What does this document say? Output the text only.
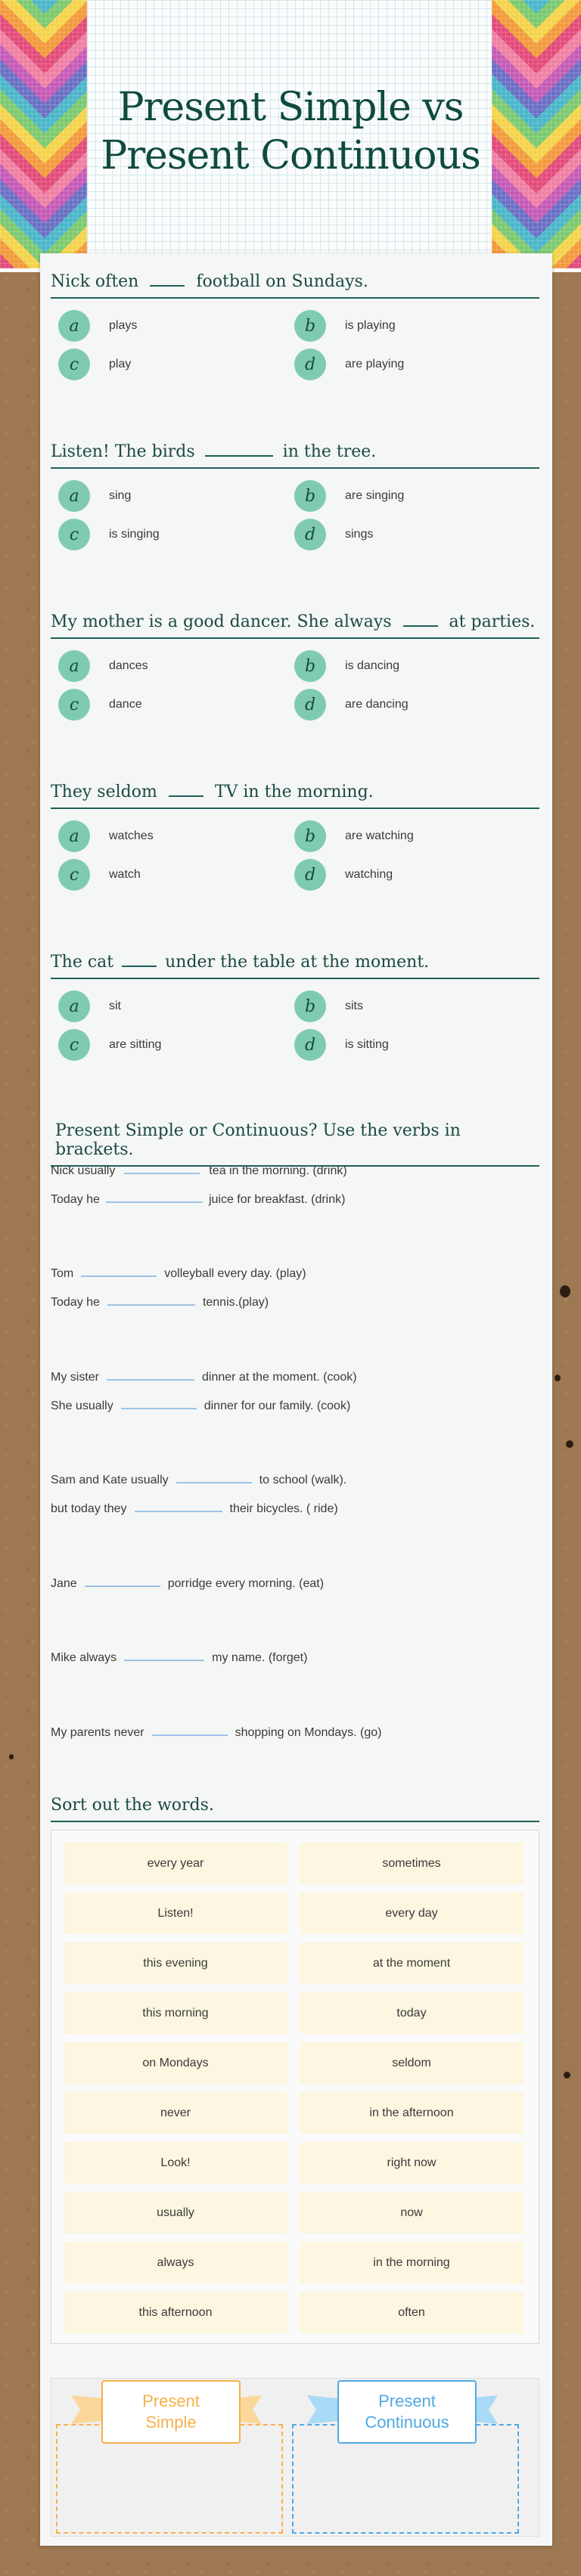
Present Simple vs Present Continuous
Nick often	football on Sundays.
a	plays	b	is playing
c	play	d	are playing
Listen! The birds	in the tree.
a	sing	b	are singing
c	is singing	d	sings
My mother is a good dancer. She always	at parties.
a	dances	b	is dancing
c	dance	d	are dancing
They seldom	TV in the morning.
a	watches	b	are watching
c	watch	d	watching
The cat	under the table at the moment.
a	sit	b	sits
c	are sitting	d	is sitting
Present Simple or Continuous? Use the verbs in brackets.
Nick usually	tea in the morning. (drink)
Today he	juice for breakfast. (drink)
Tom	volleyball every day. (play)
Today he	tennis.(play)
My sister	dinner at the moment. (cook)
She usually	dinner for our family. (cook)
Sam and Kate usually	to school (walk).
but today they	their bicycles. ( ride)
Jane	porridge every morning. (eat)
Mike always	my name. (forget)
My parents never	shopping on Mondays. (go)
Sort out the words.
every year	sometimes
Listen!	every day
this evening	at the moment
this morning	today
on Mondays	seldom
never	in the afternoon
Look!	right now
usually	now
always	in the morning
this afternoon	often
Present Simple
Present Continuous
